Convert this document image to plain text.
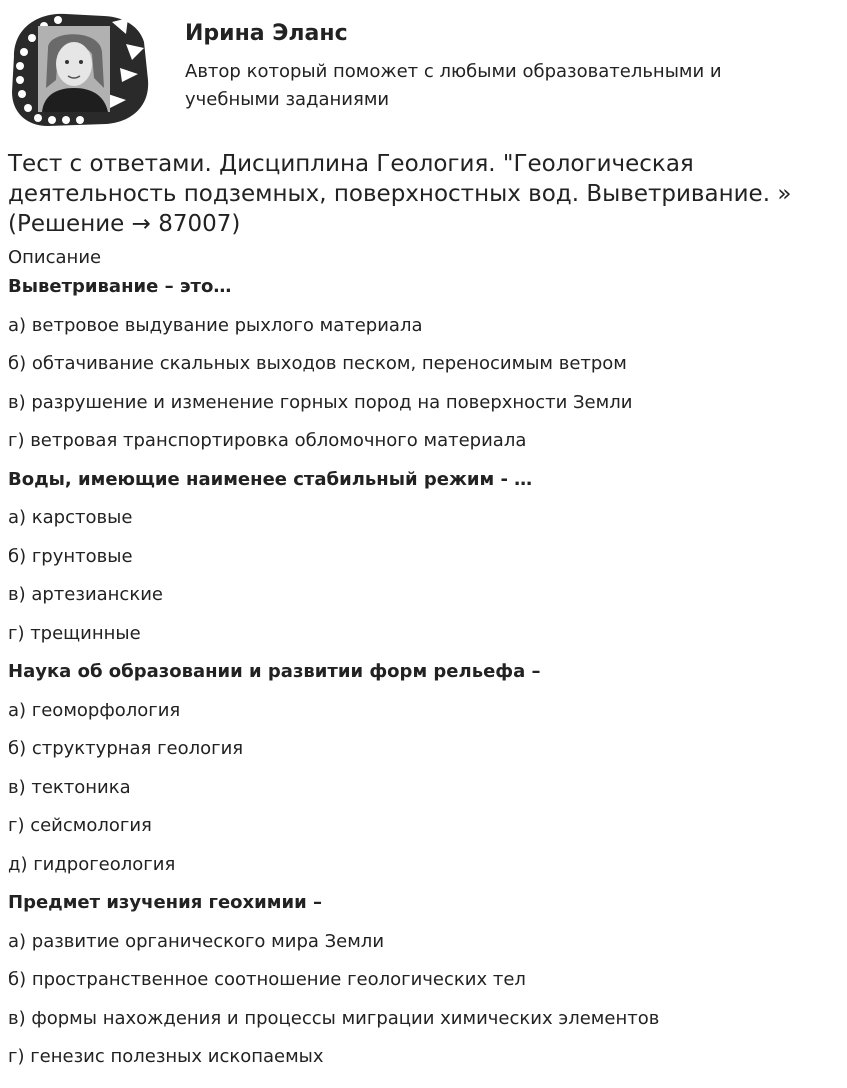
Ирина Эланс
Автор который поможет с любыми образовательными и учебными заданиями
Тест с ответами. Дисциплина Геология. "Геологическая деятельность подземных, поверхностных вод. Выветривание. » (Решение → 87007)
Описание
Выветривание – это…
а) ветровое выдувание рыхлого материала
б) обтачивание скальных выходов песком, переносимым ветром
в) разрушение и изменение горных пород на поверхности Земли
г) ветровая транспортировка обломочного материала
Воды, имеющие наименее стабильный режим - …
а) карстовые
б) грунтовые
в) артезианские
г) трещинные
Наука об образовании и развитии форм рельефа –
а) геоморфология
б) структурная геология
в) тектоника
г) сейсмология
д) гидрогеология
Предмет изучения геохимии –
а) развитие органического мира Земли
б) пространственное соотношение геологических тел
в) формы нахождения и процессы миграции химических элементов
г) генезис полезных ископаемых
